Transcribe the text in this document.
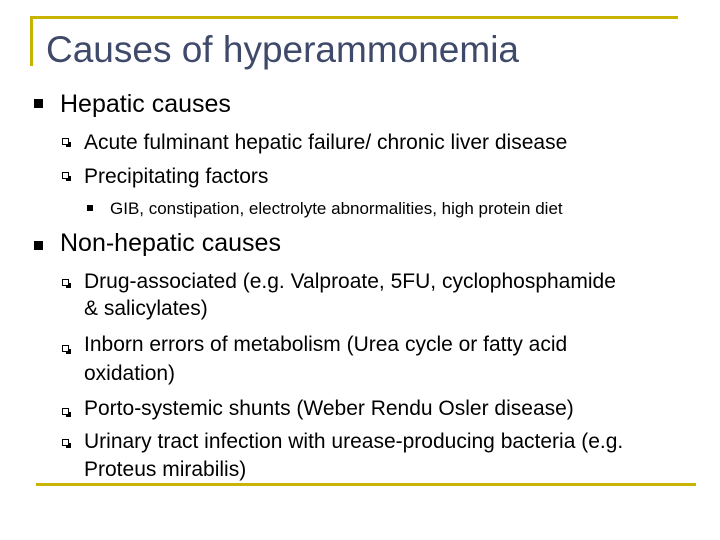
Causes of hyperammonemia
Hepatic causes
Acute fulminant hepatic failure/ chronic liver disease
Precipitating factors
GIB, constipation, electrolyte abnormalities, high protein diet
Non-hepatic causes
Drug-associated (e.g. Valproate, 5FU, cyclophosphamide
& salicylates)
Inborn errors of metabolism (Urea cycle or fatty acid
oxidation)
Porto-systemic shunts (Weber Rendu Osler disease)
Urinary tract infection with urease-producing bacteria (e.g.
Proteus mirabilis)
